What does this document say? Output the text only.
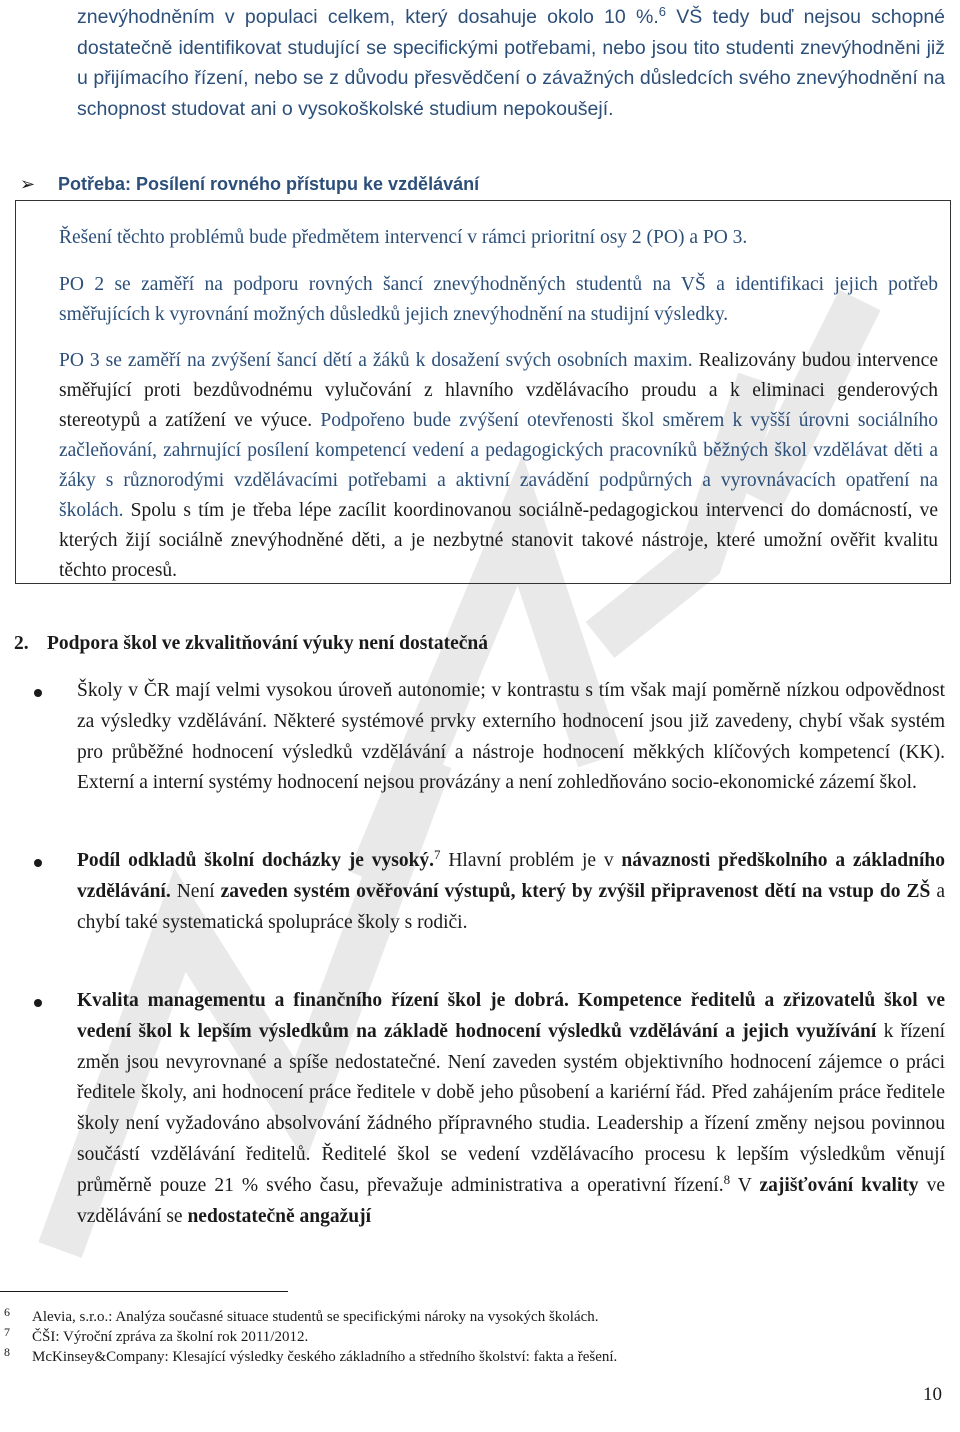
znevýhodněním v populaci celkem, který dosahuje okolo 10 %.$^6$ VŠ tedy buď nejsou schopné dostatečně identifikovat studující se specifickými potřebami, nebo jsou tito studenti znevýhodněni již u přijímacího řízení, nebo se z důvodu přesvědčení o závažných důsledcích svého znevýhodnění na schopnost studovat ani o vysokoškolské studium nepokoušejí.

➢ Potřeba: Posílení rovného přístupu ke vzdělávání

Řešení těchto problémů bude předmětem intervencí v rámci prioritní osy 2 (PO) a PO 3.

PO 2 se zaměří na podporu rovných šancí znevýhodněných studentů na VŠ a identifikaci jejich potřeb směřujících k vyrovnání možných důsledků jejich znevýhodnění na studijní výsledky.

PO 3 se zaměří na zvýšení šancí dětí a žáků k dosažení svých osobních maxim. Realizovány budou intervence směřující proti bezdůvodnému vylučování z hlavního vzdělávacího proudu a k eliminaci genderových stereotypů a zatížení ve výuce. Podpořeno bude zvýšení otevřenosti škol směrem k vyšší úrovni sociálního začleňování, zahrnující posílení kompetencí vedení a pedagogických pracovníků běžných škol vzdělávat děti a žáky s různorodými vzdělávacími potřebami a aktivní zavádění podpůrných a vyrovnávacích opatření na školách. Spolu s tím je třeba lépe zacílit koordinovanou sociálně-pedagogickou intervenci do domácností, ve kterých žijí sociálně znevýhodněné děti, a je nezbytné stanovit takové nástroje, které umožní ověřit kvalitu těchto procesů.

2. Podpora škol ve zkvalitňování výuky není dostatečná

Školy v ČR mají velmi vysokou úroveň autonomie; v kontrastu s tím však mají poměrně nízkou odpovědnost za výsledky vzdělávání. Některé systémové prvky externího hodnocení jsou již zavedeny, chybí však systém pro průběžné hodnocení výsledků vzdělávání a nástroje hodnocení měkkých klíčových kompetencí (KK). Externí a interní systémy hodnocení nejsou provázány a není zohledňováno socio-ekonomické zázemí škol.

Podíl odkladů školní docházky je vysoký.$^7$ Hlavní problém je v návaznosti předškolního a základního vzdělávání. Není zaveden systém ověřování výstupů, který by zvýšil připravenost dětí na vstup do ZŠ a chybí také systematická spolupráce školy s rodiči.

Kvalita managementu a finančního řízení škol je dobrá. Kompetence ředitelů a zřizovatelů škol ve vedení škol k lepším výsledkům na základě hodnocení výsledků vzdělávání a jejich využívání k řízení změn jsou nevyrovnané a spíše nedostatečné. Není zaveden systém objektivního hodnocení zájemce o práci ředitele školy, ani hodnocení práce ředitele v době jeho působení a kariérní řád. Před zahájením práce ředitele školy není vyžadováno absolvování žádného přípravného studia. Leadership a řízení změny nejsou povinnou součástí vzdělávání ředitelů. Ředitelé škol se vedení vzdělávacího procesu k lepším výsledkům věnují průměrně pouze 21 % svého času, převažuje administrativa a operativní řízení.$^8$ V zajišťování kvality ve vzdělávání se nedostatečně angažují

6 Alevia, s.r.o.: Analýza současné situace studentů se specifickými nároky na vysokých školách.
7 ČŠI: Výroční zpráva za školní rok 2011/2012.
8 McKinsey&Company: Klesající výsledky českého základního a středního školství: fakta a řešení.
10
